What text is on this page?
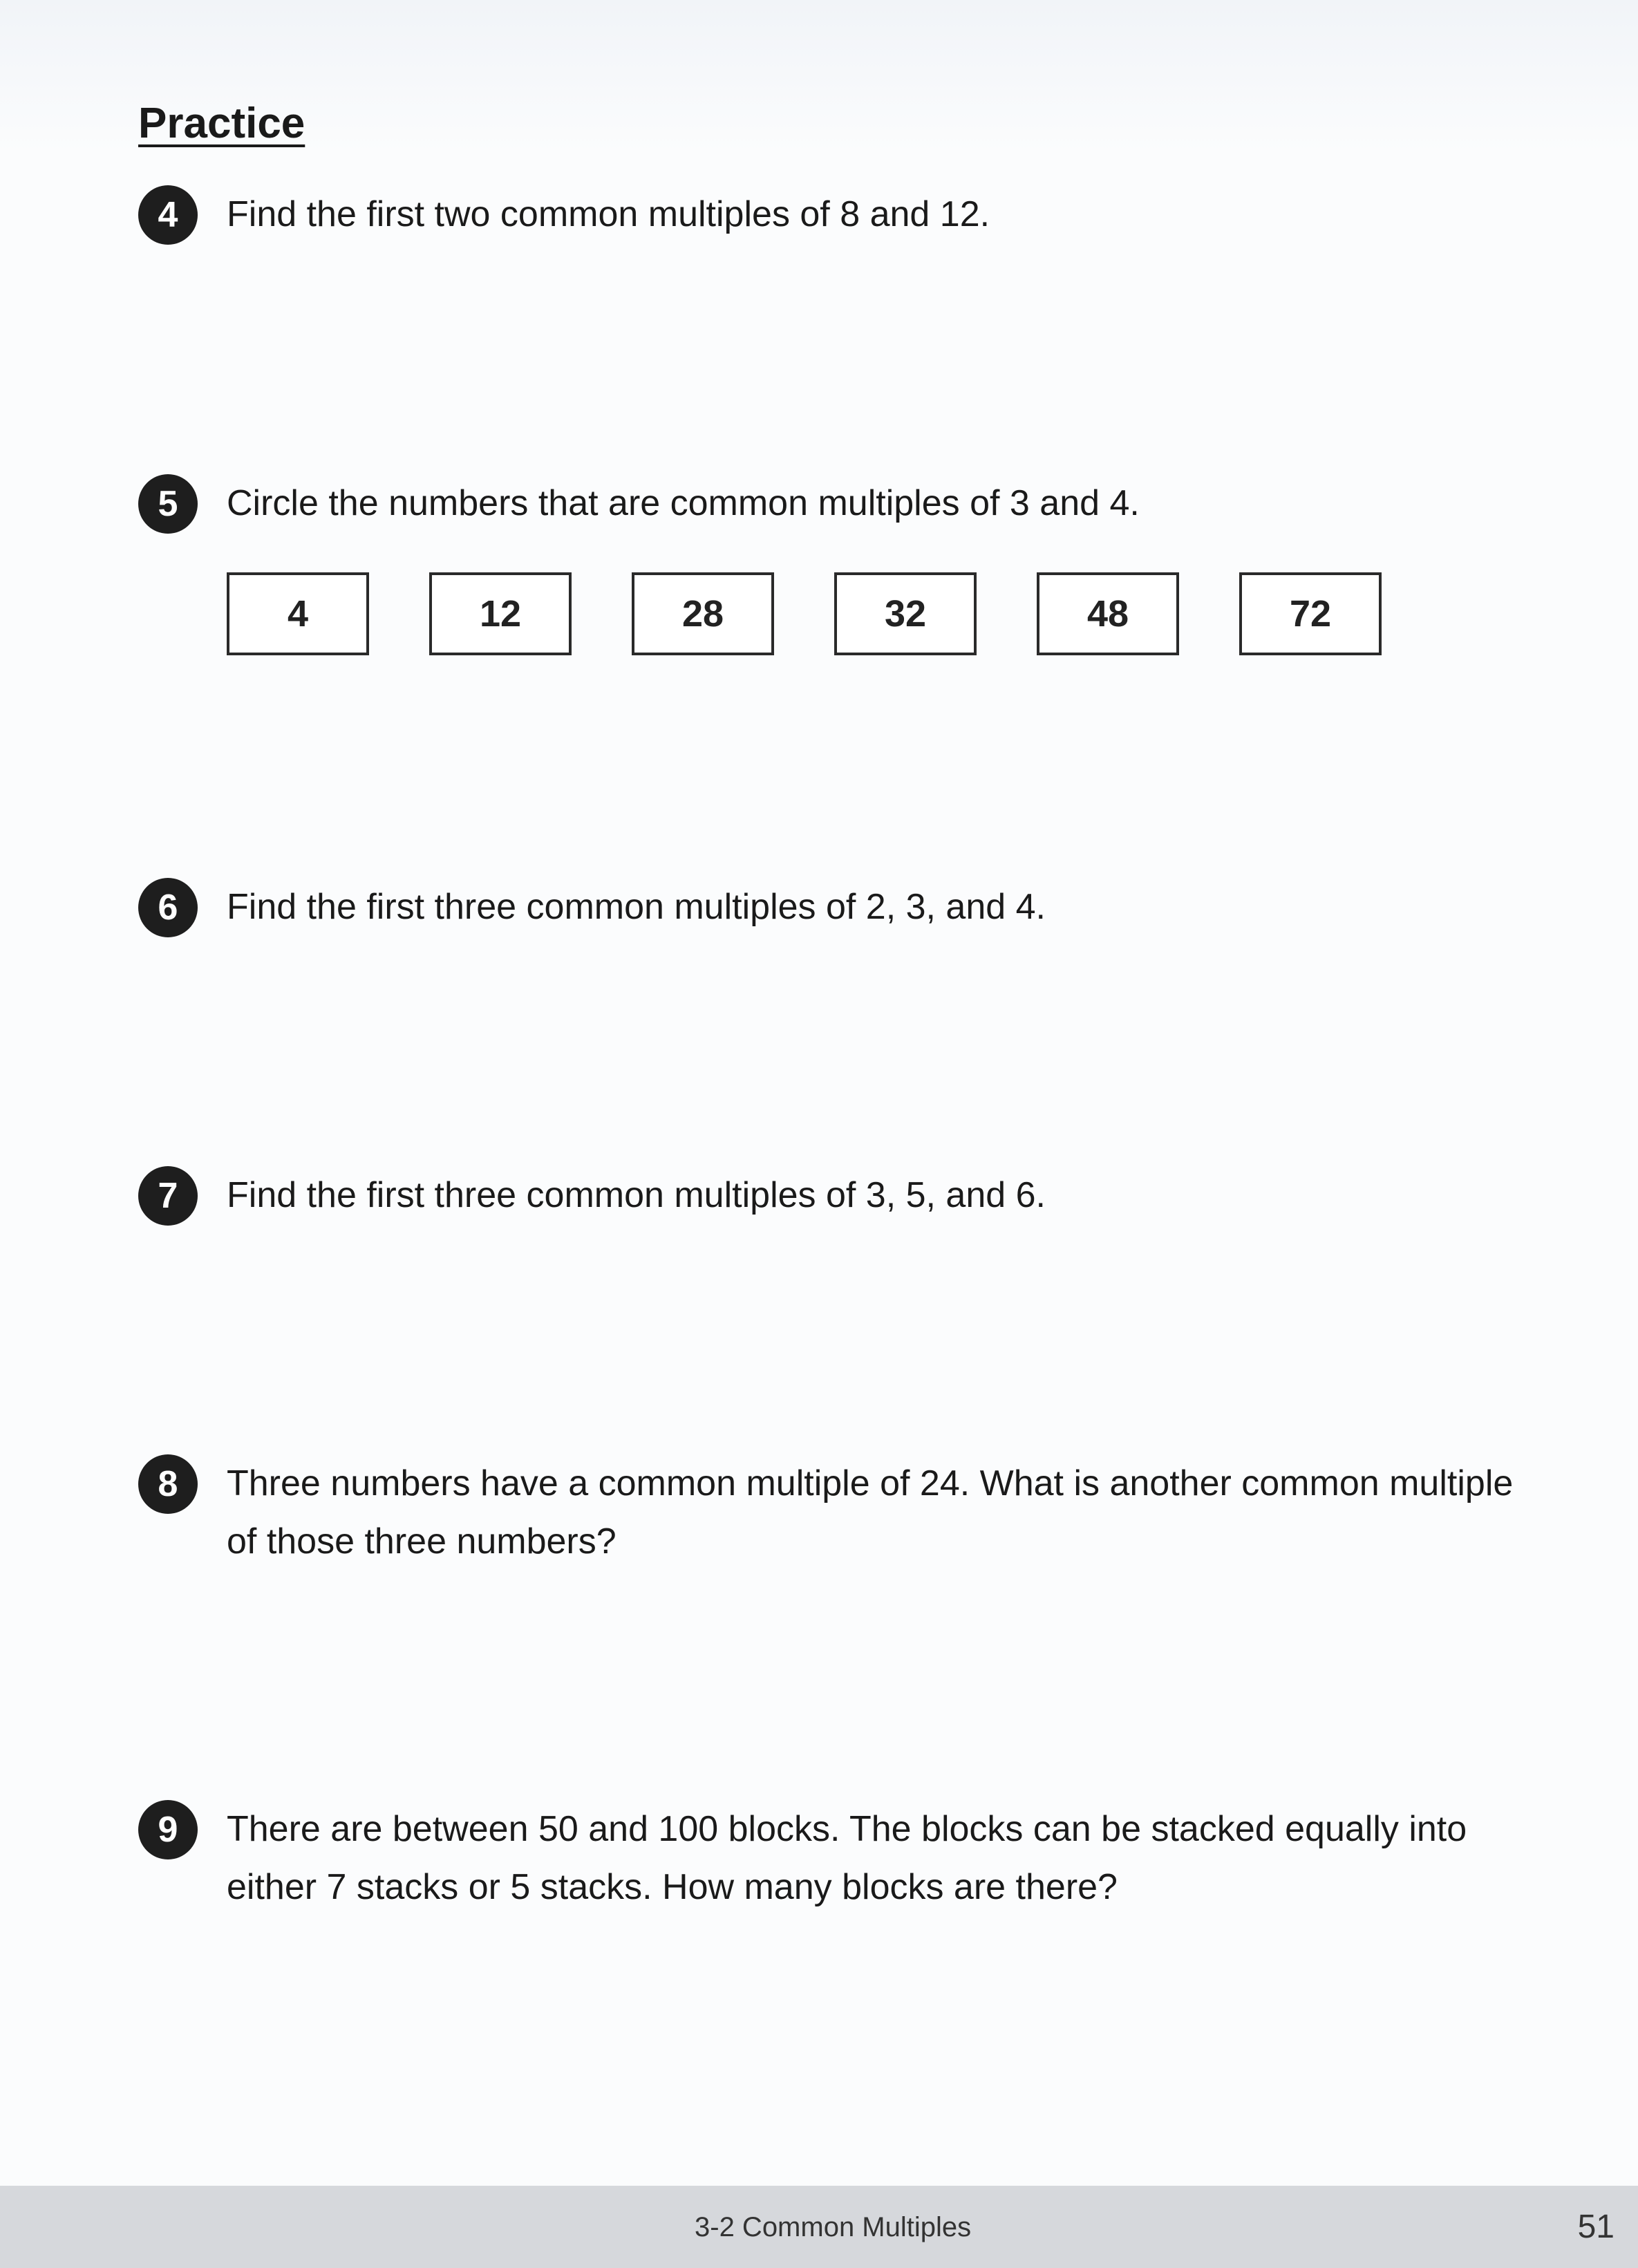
Practice
4	Find the first two common multiples of 8 and 12.

5	Circle the numbers that are common multiples of 3 and 4.

4	12	28	32	48	72
6	Find the first three common multiples of 2, 3, and 4.

7	Find the first three common multiples of 3, 5, and 6.

8	Three numbers have a common multiple of 24. What is another common multiple of those three numbers?

9	There are between 50 and 100 blocks. The blocks can be stacked equally into either 7 stacks or 5 stacks. How many blocks are there?

3-2 Common Multiples	51
